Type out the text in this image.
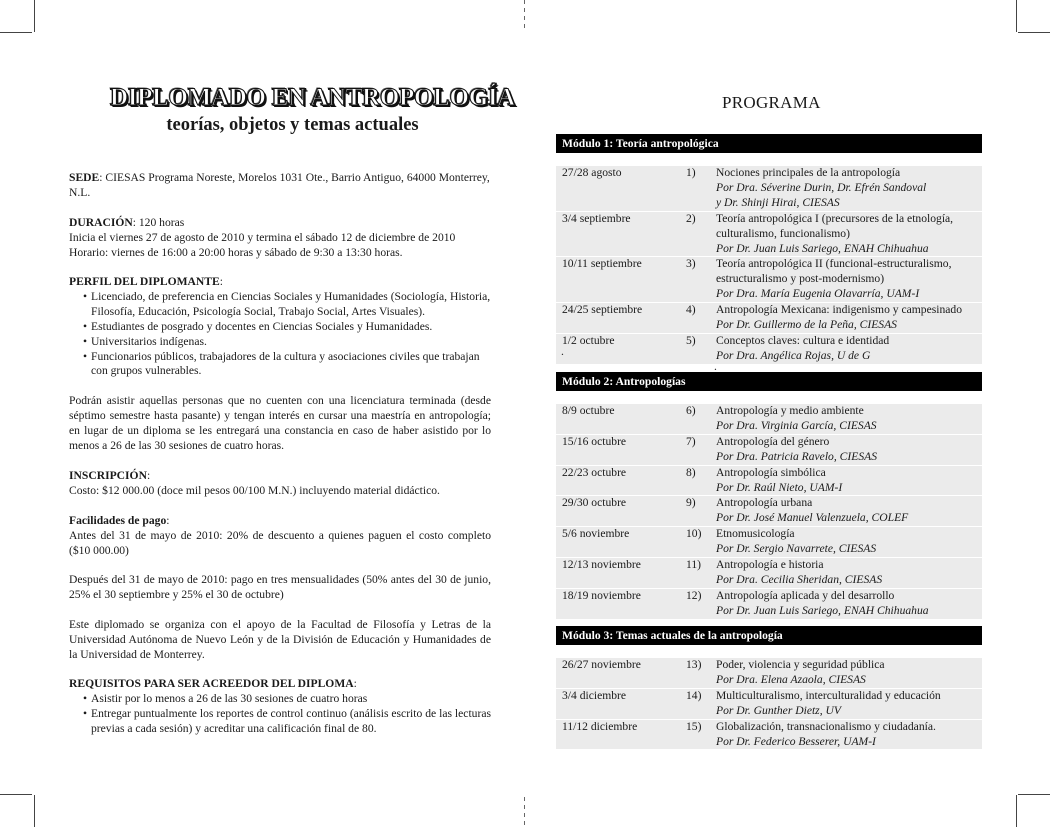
DIPLOMADO EN ANTROPOLOGÍA
teorías, objetos y temas actuales

SEDE: CIESAS Programa Noreste, Morelos 1031 Ote., Barrio Antiguo, 64000 Monterrey, N.L.

DURACIÓN: 120 horas

Inicia el viernes 27 de agosto de 2010 y termina el sábado 12 de diciembre de 2010

Horario: viernes de 16:00 a 20:00 horas y sábado de 9:30 a 13:30 horas.

PERFIL DEL DIPLOMANTE:

• Licenciado, de preferencia en Ciencias Sociales y Humanidades (Sociología, Historia, Filosofía, Educación, Psicología Social, Trabajo Social, Artes Visuales).
• Estudiantes de posgrado y docentes en Ciencias Sociales y Humanidades.
• Universitarios indígenas.
• Funcionarios públicos, trabajadores de la cultura y asociaciones civiles que trabajan con grupos vulnerables.
Podrán asistir aquellas personas que no cuenten con una licenciatura terminada (desde séptimo semestre hasta pasante) y tengan interés en cursar una maestría en antropología; en lugar de un diploma se les entregará una constancia en caso de haber asistido por lo menos a 26 de las 30 sesiones de cuatro horas.

INSCRIPCIÓN:

Costo: $12 000.00 (doce mil pesos 00/100 M.N.) incluyendo material didáctico.

Facilidades de pago:

Antes del 31 de mayo de 2010: 20% de descuento a quienes paguen el costo completo ($10 000.00)

Después del 31 de mayo de 2010: pago en tres mensualidades (50% antes del 30 de junio, 25% el 30 septiembre y 25% el 30 de octubre)
Este diplomado se organiza con el apoyo de la Facultad de Filosofía y Letras de la Universidad Autónoma de Nuevo León y de la División de Educación y Humanidades de la Universidad de Monterrey.

REQUISITOS PARA SER ACREEDOR DEL DIPLOMA:

• Asistir por lo menos a 26 de las 30 sesiones de cuatro horas
• Entregar puntualmente los reportes de control continuo (análisis escrito de las lecturas previas a cada sesión) y acreditar una calificación final de 80.
PROGRAMA
Módulo 1: Teoría antropológica
27/28 agosto	1) Nociones principales de la antropología
Por Dra. Séverine Durin, Dr. Efrén Sandoval
y Dr. Shinji Hirai, CIESAS
3/4 septiembre	2) Teoría antropológica I (precursores de la etnología,
culturalismo, funcionalismo)
Por Dr. Juan Luis Sariego, ENAH Chihuahua
10/11 septiembre	3) Teoría antropológica II (funcional-estructuralismo,
estructuralismo y post-modernismo)
Por Dra. María Eugenia Olavarría, UAM-I
24/25 septiembre	4) Antropología Mexicana: indigenismo y campesinado
Por Dr. Guillermo de la Peña, CIESAS
1/2 octubre	5) Conceptos claves: cultura e identidad
Por Dra. Angélica Rojas, U de G
Módulo 2: Antropologías
8/9 octubre	6) Antropología y medio ambiente
Por Dra. Virginia García, CIESAS
15/16 octubre	7) Antropología del género
Por Dra. Patricia Ravelo, CIESAS
22/23 octubre	8) Antropología simbólica
Por Dr. Raúl Nieto, UAM-I
29/30 octubre	9) Antropología urbana
Por Dr. José Manuel Valenzuela, COLEF
5/6 noviembre	10) Etnomusicología
Por Dr. Sergio Navarrete, CIESAS
12/13 noviembre	11) Antropología e historia
Por Dra. Cecilia Sheridan, CIESAS
18/19 noviembre	12) Antropología aplicada y del desarrollo
Por Dr. Juan Luis Sariego, ENAH Chihuahua
Módulo 3: Temas actuales de la antropología
26/27 noviembre	13) Poder, violencia y seguridad pública
Por Dra. Elena Azaola, CIESAS
3/4 diciembre	14) Multiculturalismo, interculturalidad y educación
Por Dr. Gunther Dietz, UV
11/12 diciembre	15) Globalización, transnacionalismo y ciudadanía.
Por Dr. Federico Besserer, UAM-I
.
.
